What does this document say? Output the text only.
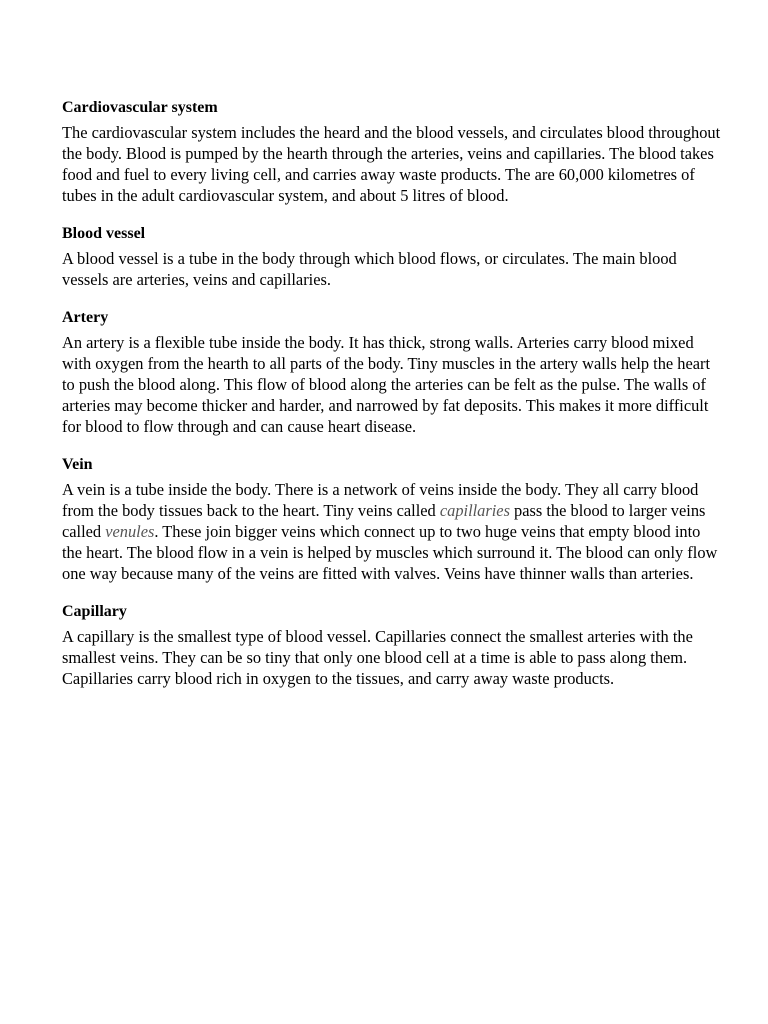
Cardiovascular system

The cardiovascular system includes the heard and the blood vessels, and circulates blood throughout the body. Blood is pumped by the hearth through the arteries, veins and capillaries. The blood takes food and fuel to every living cell, and carries away waste products. The are 60,000 kilometres of tubes in the adult cardiovascular system, and about 5 litres of blood.

Blood vessel

A blood vessel is a tube in the body through which blood flows, or circulates. The main blood vessels are arteries, veins and capillaries.

Artery

An artery is a flexible tube inside the body. It has thick, strong walls. Arteries carry blood mixed with oxygen from the hearth to all parts of the body. Tiny muscles in the artery walls help the heart to push the blood along. This flow of blood along the arteries can be felt as the pulse. The walls of arteries may become thicker and harder, and narrowed by fat deposits. This makes it more difficult for blood to flow through and can cause heart disease.

Vein

A vein is a tube inside the body. There is a network of veins inside the body. They all carry blood from the body tissues back to the heart. Tiny veins called capillaries pass the blood to larger veins called venules. These join bigger veins which connect up to two huge veins that empty blood into the heart. The blood flow in a vein is helped by muscles which surround it. The blood can only flow one way because many of the veins are fitted with valves. Veins have thinner walls than arteries.

Capillary

A capillary is the smallest type of blood vessel. Capillaries connect the smallest arteries with the smallest veins. They can be so tiny that only one blood cell at a time is able to pass along them. Capillaries carry blood rich in oxygen to the tissues, and carry away waste products.
